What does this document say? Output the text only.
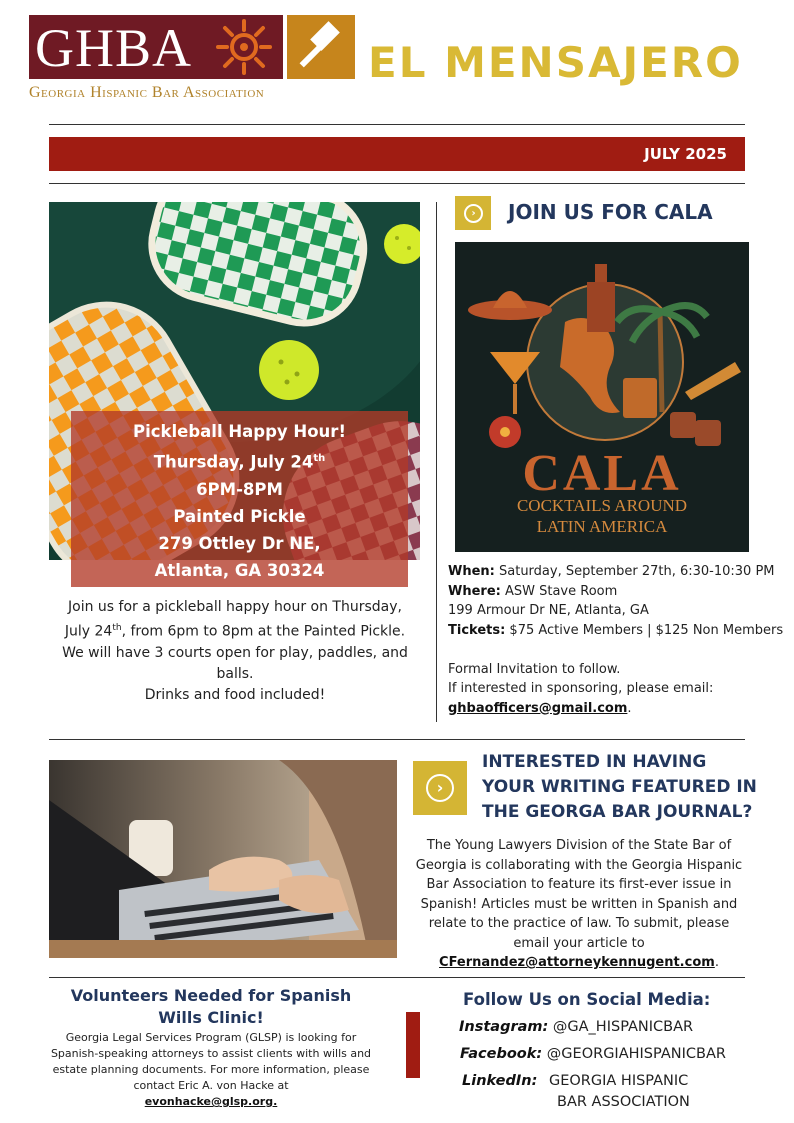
GHBA
Georgia Hispanic Bar Association
EL MENSAJERO
JULY 2025
Pickleball Happy Hour!
Thursday, July 24th
6PM-8PM
Painted Pickle
279 Ottley Dr NE,
Atlanta, GA 30324
Join us for a pickleball happy hour on Thursday, July 24th, from 6pm to 8pm at the Painted Pickle. We will have 3 courts open for play, paddles, and balls.
Drinks and food included!
›	JOIN US FOR CALA
CALA
COCKTAILS AROUND
LATIN AMERICA
When: Saturday, September 27th, 6:30-10:30 PM
Where: ASW Stave Room
199 Armour Dr NE, Atlanta, GA
Tickets: $75 Active Members | $125 Non Members
Formal Invitation to follow.
If interested in sponsoring, please email:
ghbaofficers@gmail.com.
›
INTERESTED IN HAVING YOUR WRITING FEATURED IN THE GEORGA BAR JOURNAL?
The Young Lawyers Division of the State Bar of Georgia is collaborating with the Georgia Hispanic Bar Association to feature its first-ever issue in Spanish! Articles must be written in Spanish and relate to the practice of law. To submit, please email your article to
CFernandez@attorneykennugent.com.
Volunteers Needed for Spanish Wills Clinic!
Georgia Legal Services Program (GLSP) is looking for Spanish-speaking attorneys to assist clients with wills and estate planning documents. For more information, please contact Eric A. von Hacke at
evonhacke@glsp.org.
Follow Us on Social Media:
Instagram: @GA_HISPANICBAR
Facebook: @GEORGIAHISPANICBAR
LinkedIn: GEORGIA HISPANIC
BAR ASSOCIATION
